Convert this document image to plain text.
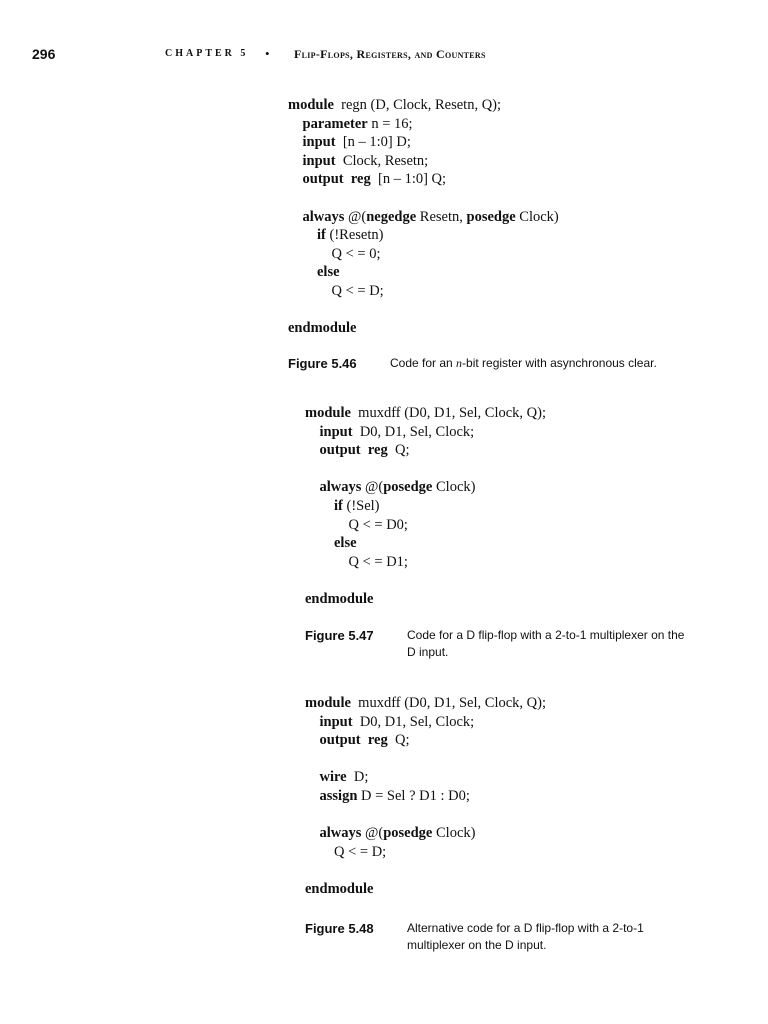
296	CHAPTER 5 • Flip-Flops, Registers, and Counters
module  regn (D, Clock, Resetn, Q);
parameter n = 16;
input  [n – 1:0] D;
input  Clock, Resetn;
output reg  [n – 1:0] Q;
always @(negedge Resetn, posedge Clock)
if (!Resetn)
Q < = 0;
else
Q < = D;
endmodule
Figure 5.46	Code for an n-bit register with asynchronous clear.
module  muxdff (D0, D1, Sel, Clock, Q);
input  D0, D1, Sel, Clock;
output reg  Q;
always @(posedge Clock)
if (!Sel)
Q < = D0;
else
Q < = D1;
endmodule
Figure 5.47	Code for a D flip-flop with a 2-to-1 multiplexer on the D input.
module  muxdff (D0, D1, Sel, Clock, Q);
input  D0, D1, Sel, Clock;
output reg  Q;
wire  D;
assign D = Sel ? D1 : D0;
always @(posedge Clock)
Q < = D;
endmodule
Figure 5.48	Alternative code for a D flip-flop with a 2-to-1 multiplexer on the D input.
